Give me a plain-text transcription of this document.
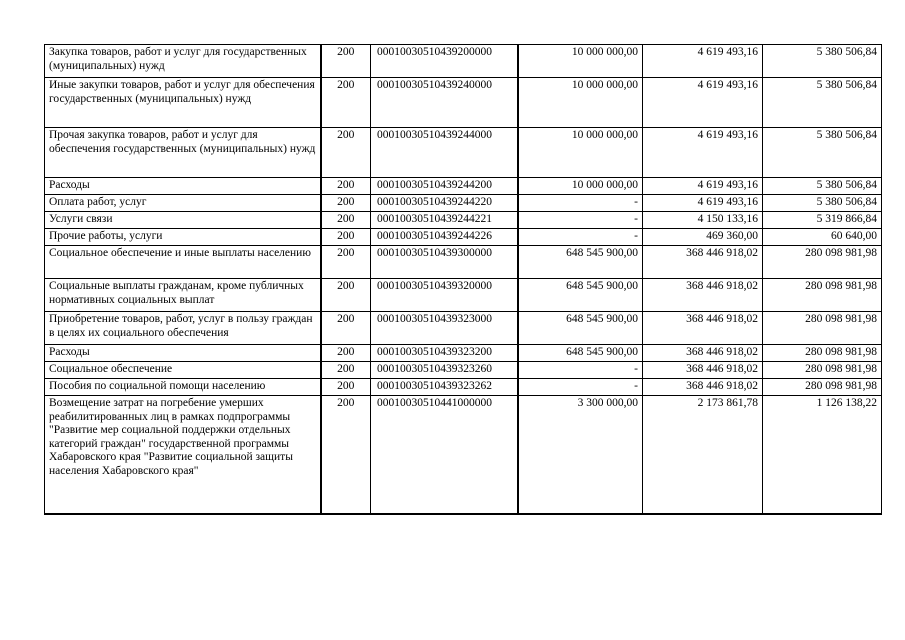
Закупка товаров, работ и услуг для государственных (муниципальных) нужд	200	00010030510439200000	10 000 000,00	4 619 493,16	5 380 506,84
Иные закупки товаров, работ и услуг для обеспечения государственных (муниципальных) нужд	200	00010030510439240000	10 000 000,00	4 619 493,16	5 380 506,84
Прочая закупка товаров, работ и услуг для обеспечения государственных (муниципальных) нужд	200	00010030510439244000	10 000 000,00	4 619 493,16	5 380 506,84
Расходы	200	00010030510439244200	10 000 000,00	4 619 493,16	5 380 506,84
Оплата работ, услуг	200	00010030510439244220	-	4 619 493,16	5 380 506,84
Услуги связи	200	00010030510439244221	-	4 150 133,16	5 319 866,84
Прочие работы, услуги	200	00010030510439244226	-	469 360,00	60 640,00
Социальное обеспечение и иные выплаты населению	200	00010030510439300000	648 545 900,00	368 446 918,02	280 098 981,98
Социальные выплаты гражданам, кроме публичных нормативных социальных выплат	200	00010030510439320000	648 545 900,00	368 446 918,02	280 098 981,98
Приобретение товаров, работ, услуг в пользу граждан в целях их социального обеспечения	200	00010030510439323000	648 545 900,00	368 446 918,02	280 098 981,98
Расходы	200	00010030510439323200	648 545 900,00	368 446 918,02	280 098 981,98
Социальное обеспечение	200	00010030510439323260	-	368 446 918,02	280 098 981,98
Пособия по социальной помощи населению	200	00010030510439323262	-	368 446 918,02	280 098 981,98
Возмещение затрат на погребение умерших реабилитированных лиц в рамках подпрограммы "Развитие мер социальной поддержки отдельных категорий граждан" государственной программы Хабаровского края "Развитие социальной защиты населения Хабаровского края"	200	00010030510441000000	3 300 000,00	2 173 861,78	1 126 138,22
